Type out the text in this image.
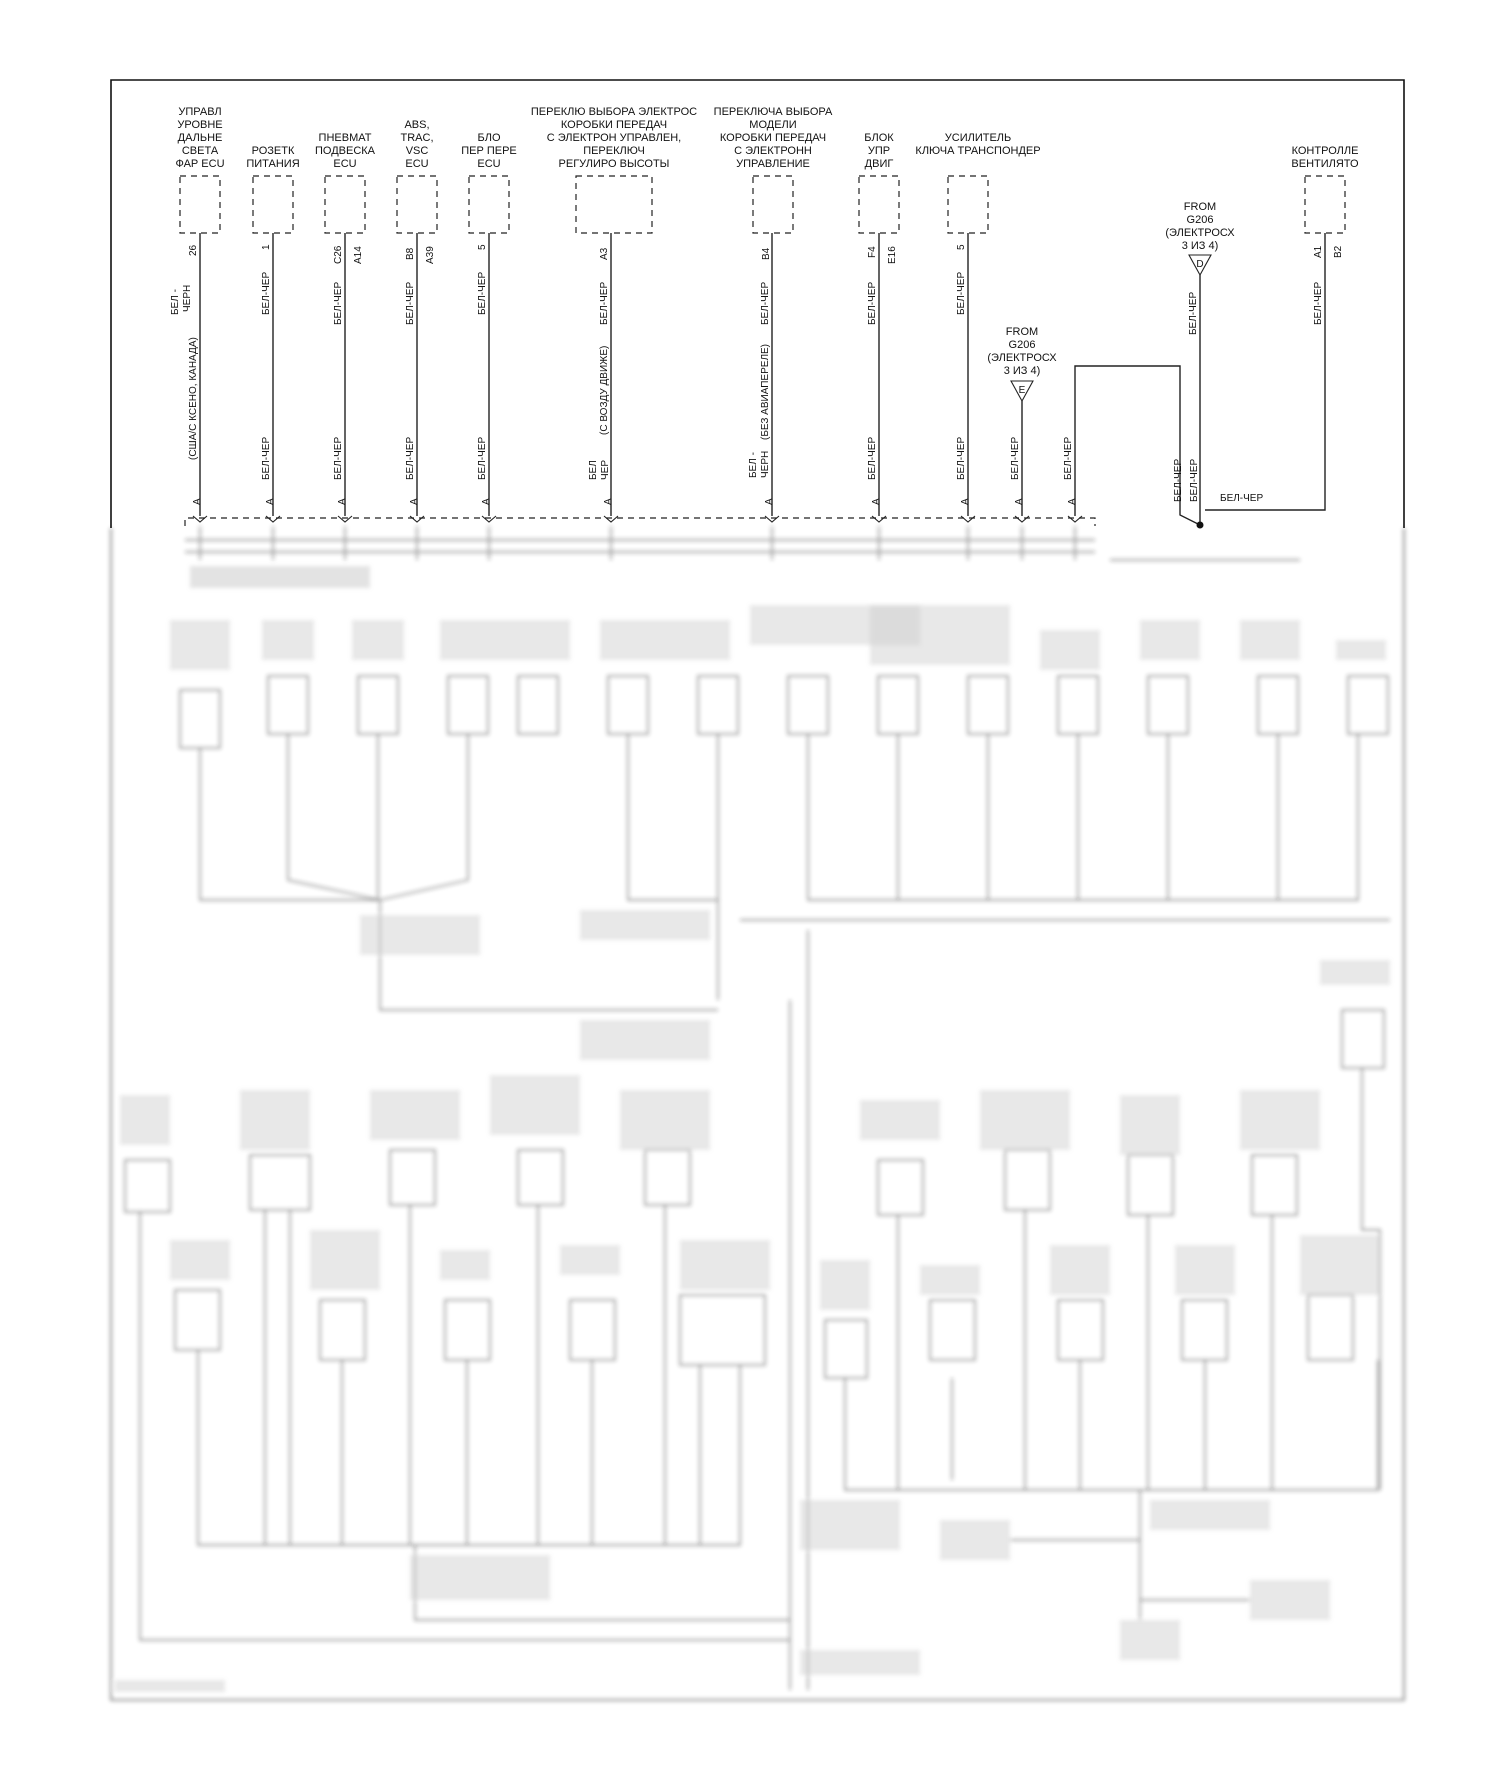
УПРАВЛ
УРОВНЕ
ДАЛЬНЕ
СВЕТА
ФАР ECU
26
БЕЛ - ЧЕРН
(США/С КСЕНО, КАНАДА)
A
РОЗЕТК
ПИТАНИЯ
1
БЕЛ-ЧЕР
БЕЛ-ЧЕР
A
ПНЕВМАТ
ПОДВЕСКА
ECU
C26 A14
БЕЛ-ЧЕР
БЕЛ-ЧЕР
A
ABS,
TRAC,
VSC
ECU
B8 A39
БЕЛ-ЧЕР
БЕЛ-ЧЕР
A
БЛО
ПЕР ПЕРЕ
ECU
5
БЕЛ-ЧЕР
БЕЛ-ЧЕР
A
ПЕРЕКЛЮ ВЫБОРА ЭЛЕКТРОС
КОРОБКИ ПЕРЕДАЧ
С ЭЛЕКТРОН УПРАВЛЕН,
ПЕРЕКЛЮЧ
РЕГУЛИРО ВЫСОТЫ
A3
БЕЛ-ЧЕР
(С ВОЗДУ ДВИЖЕ)
БЕЛ ЧЕР
A
ПЕРЕКЛЮЧА ВЫБОРА
МОДЕЛИ
КОРОБКИ ПЕРЕДАЧ
С ЭЛЕКТРОНН
УПРАВЛЕНИЕ
B4
БЕЛ-ЧЕР
(БЕЗ АВИАПЕРЕЛЕ)
БЕЛ - ЧЕРН
A
БЛОК
УПР
ДВИГ
F4 E16
БЕЛ-ЧЕР
БЕЛ-ЧЕР
A
УСИЛИТЕЛЬ
КЛЮЧА ТРАНСПОНДЕР
5
БЕЛ-ЧЕР
БЕЛ-ЧЕР
A
FROM
G206
(ЭЛЕКТРОСХ
3 ИЗ 4)
E
БЕЛ-ЧЕР
A
БЕЛ-ЧЕР
A
FROM
G206
(ЭЛЕКТРОСХ
3 ИЗ 4)
D
БЕЛ-ЧЕР
КОНТРОЛЛЕ
ВЕНТИЛЯТО
A1 B2
БЕЛ-ЧЕР
БЕЛ-ЧЕР БЕЛ-ЧЕР БЕЛ-ЧЕР
